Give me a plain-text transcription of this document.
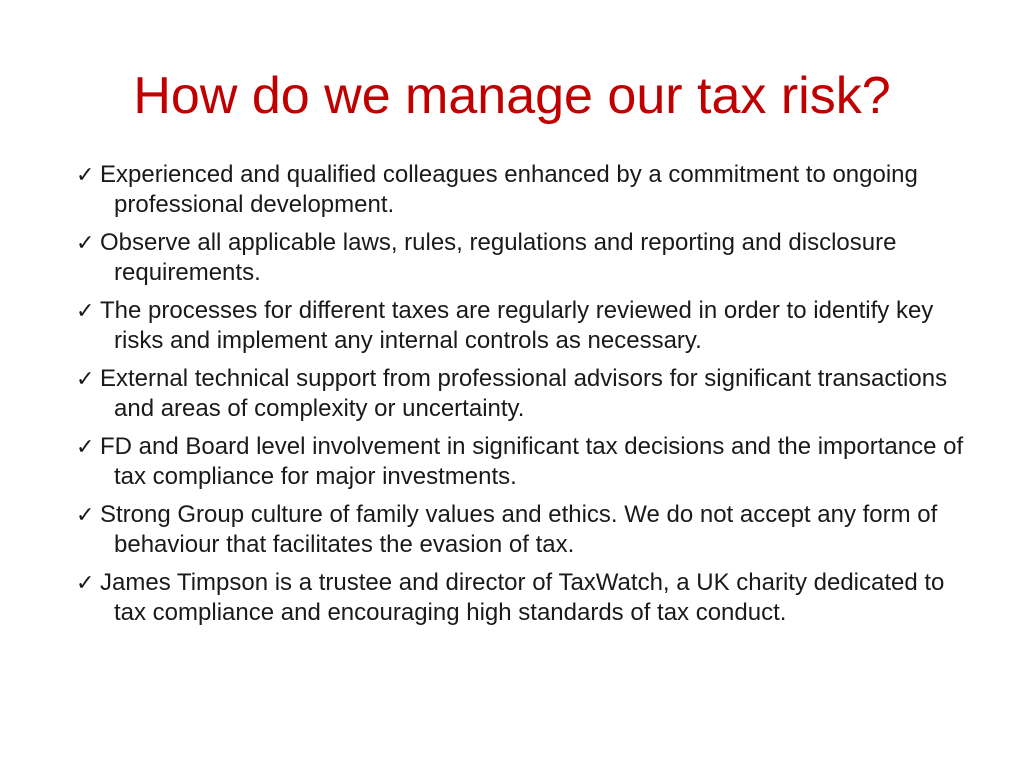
How do we manage our tax risk?
✓ Experienced and qualified colleagues enhanced by a commitment to ongoing professional development.
✓ Observe all applicable laws, rules, regulations and reporting and disclosure requirements.
✓ The processes for different taxes are regularly reviewed in order to identify key risks and implement any internal controls as necessary.
✓ External technical support from professional advisors for significant transactions and areas of complexity or uncertainty.
✓ FD and Board level involvement in significant tax decisions and the importance of tax compliance for major investments.
✓ Strong Group culture of family values and ethics. We do not accept any form of behaviour that facilitates the evasion of tax.
✓ James Timpson is a trustee and director of TaxWatch, a UK charity dedicated to tax compliance and encouraging high standards of tax conduct.
